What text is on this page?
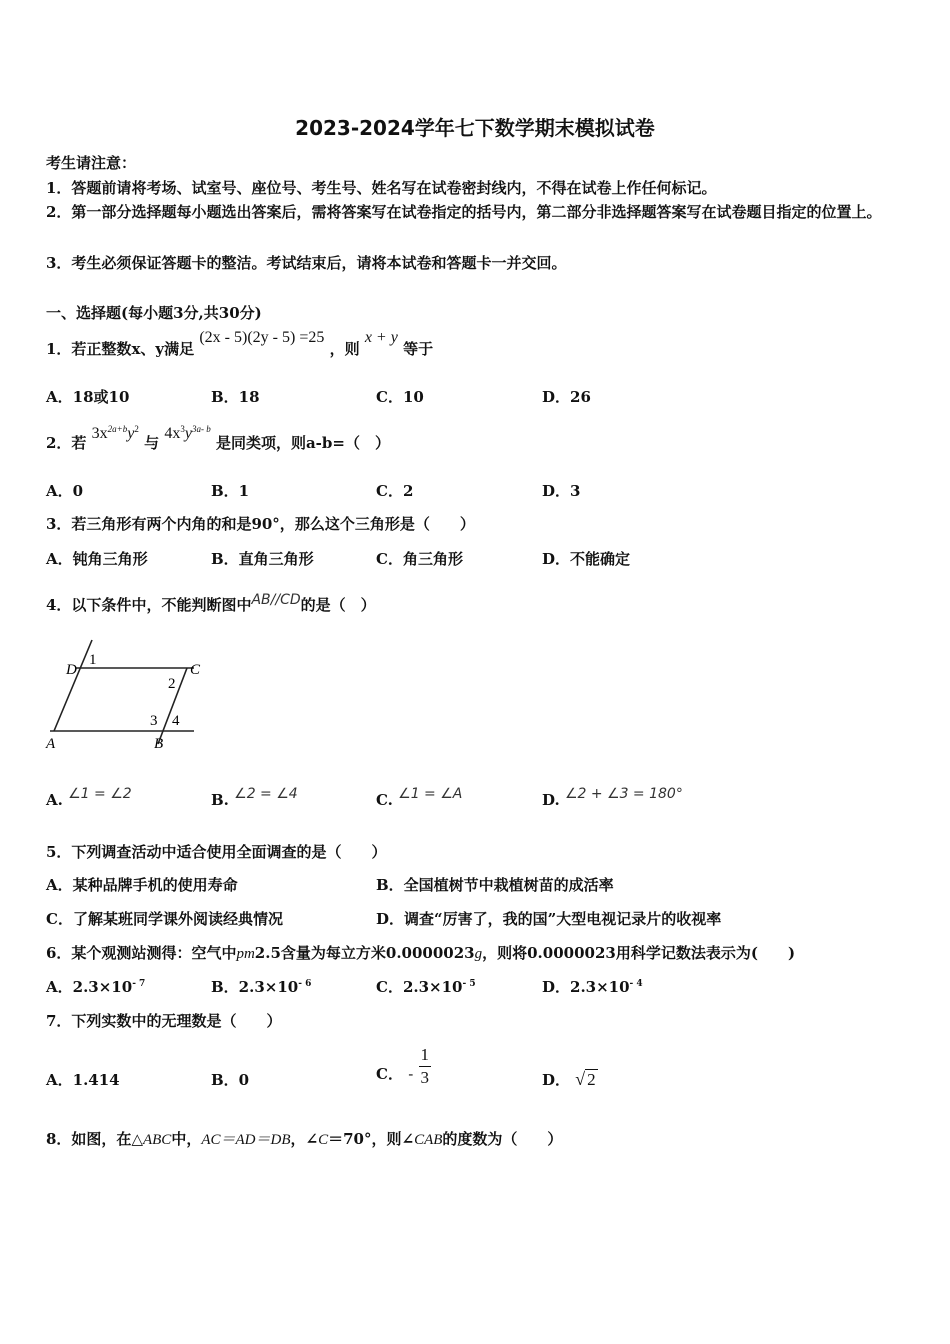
2023-2024学年七下数学期末模拟试卷
考生请注意：
1．答题前请将考场、试室号、座位号、考生号、姓名写在试卷密封线内，不得在试卷上作任何标记。
2．第一部分选择题每小题选出答案后，需将答案写在试卷指定的括号内，第二部分非选择题答案写在试卷题目指定的位置上。
3．考生必须保证答题卡的整洁。考试结束后，请将本试卷和答题卡一并交回。
一、选择题(每小题3分,共30分)
1．若正整数x、y满足 (2x - 5)(2y - 5) =25 ，则 x + y 等于
A．18或10	B．18	C．10	D．26
2．若 $3x^{2a+b}y^2$ 与 $4x^3y^{3a- b}$ 是同类项，则a-b=（　）
A．0	B．1	C．2	D．3
3．若三角形有两个内角的和是90°，那么这个三角形是（　　）
A．钝角三角形	B．直角三角形	C．角三角形	D．不能确定
4．以下条件中，不能判断图中AB//CD的是（　）
D
1
C
2
3 4
A	B
A. ∠1 = ∠2	B. ∠2 = ∠4	C. ∠1 = ∠A	D. ∠2 + ∠3 = 180°
5．下列调查活动中适合使用全面调查的是（　　）
A．某种品牌手机的使用寿命	B．全国植树节中栽植树苗的成活率
C．了解某班同学课外阅读经典情况	D．调查“厉害了，我的国”大型电视记录片的收视率
6．某个观测站测得：空气中pm2.5含量为每立方米0.0000023g，则将0.0000023用科学记数法表示为(　　)
A．$2.3\times 10^{- 7}$	B．$2.3\times 10^{- 6}$	C．$2.3\times 10^{- 5}$	D．$2.3\times 10^{- 4}$
7．下列实数中的无理数是（　　）
A．1.414	B．0	C． - $\frac{1}{3}$	D． √ 2
8．如图，在△ABC中，AC＝AD＝DB，∠C＝70°，则∠CAB的度数为（　　）
